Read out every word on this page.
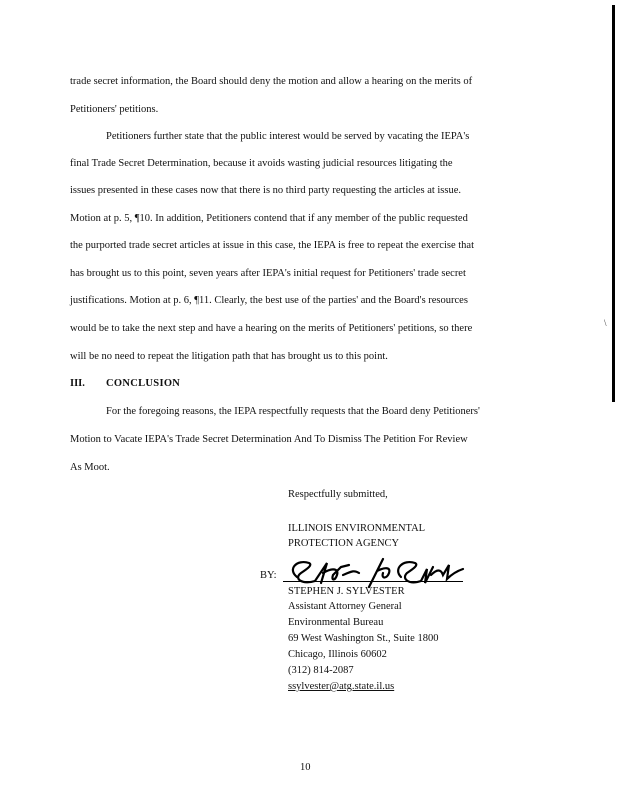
\
trade secret information, the Board should deny the motion and allow a hearing on the merits of
Petitioners' petitions.
Petitioners further state that the public interest would be served by vacating the IEPA's
final Trade Secret Determination, because it avoids wasting judicial resources litigating the
issues presented in these cases now that there is no third party requesting the articles at issue.
Motion at p. 5, ¶10. In addition, Petitioners contend that if any member of the public requested
the purported trade secret articles at issue in this case, the IEPA is free to repeat the exercise that
has brought us to this point, seven years after IEPA's initial request for Petitioners' trade secret
justifications. Motion at p. 6, ¶11. Clearly, the best use of the parties' and the Board's resources
would be to take the next step and have a hearing on the merits of Petitioners' petitions, so there
will be no need to repeat the litigation path that has brought us to this point.
III. CONCLUSION
For the foregoing reasons, the IEPA respectfully requests that the Board deny Petitioners'
Motion to Vacate IEPA's Trade Secret Determination And To Dismiss The Petition For Review
As Moot.
Respectfully submitted,
ILLINOIS ENVIRONMENTAL
PROTECTION AGENCY
BY:
STEPHEN J. SYLVESTER
Assistant Attorney General
Environmental Bureau
69 West Washington St., Suite 1800
Chicago, Illinois 60602
(312) 814-2087
ssylvester@atg.state.il.us
10
